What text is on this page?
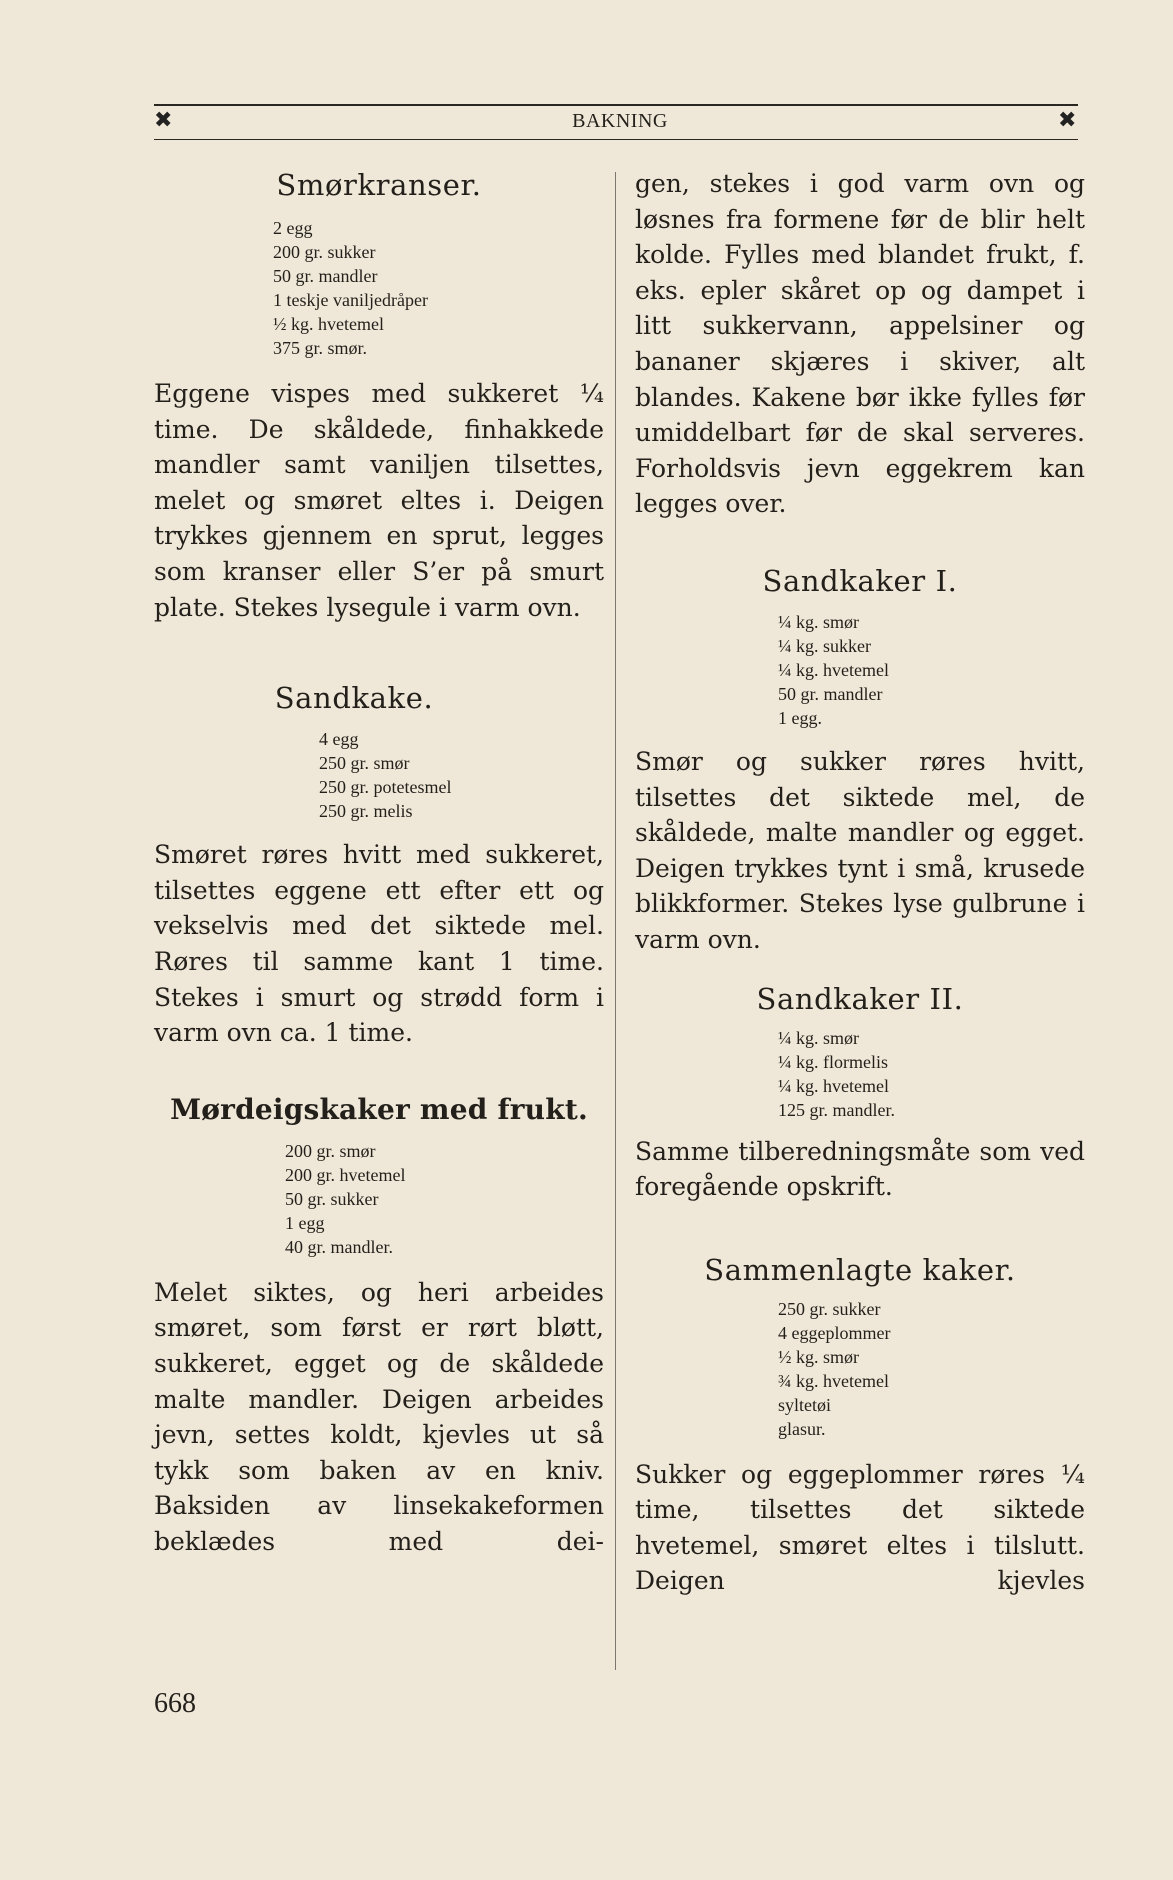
✖	BAKNING	✖
Smørkranser.
2 egg
200 gr. sukker
50 gr. mandler
1 teskje vaniljedråper
½ kg. hvetemel
375 gr. smør.

Eggene vispes med sukkeret ¼ time. De skåldede, finhakkede mandler samt vaniljen tilsettes, melet og smøret eltes i. Deigen trykkes gjennem en sprut, legges som kranser eller S’er på smurt plate. Stekes lysegule i varm ovn.

Sandkake.
4 egg
250 gr. smør
250 gr. potetesmel
250 gr. melis

Smøret røres hvitt med sukkeret, tilsettes eggene ett efter ett og vekselvis med det siktede mel. Røres til samme kant 1 time. Stekes i smurt og strødd form i varm ovn ca. 1 time.

Mørdeigskaker med frukt.
200 gr. smør
200 gr. hvetemel
50 gr. sukker
1 egg
40 gr. mandler.

Melet siktes, og heri arbeides smøret, som først er rørt bløtt, sukkeret, egget og de skåldede malte mandler. Deigen arbeides jevn, settes koldt, kjevles ut så tykk som baken av en kniv. Baksiden av linsekakeformen beklædes med dei-

gen, stekes i god varm ovn og løsnes fra formene før de blir helt kolde. Fylles med blandet frukt, f. eks. epler skåret op og dampet i litt sukkervann, appelsiner og bananer skjæres i skiver, alt blandes. Kakene bør ikke fylles før umiddelbart før de skal serveres. Forholdsvis jevn eggekrem kan legges over.

Sandkaker I.
¼ kg. smør
¼ kg. sukker
¼ kg. hvetemel
50 gr. mandler
1 egg.

Smør og sukker røres hvitt, tilsettes det siktede mel, de skåldede, malte mandler og egget. Deigen trykkes tynt i små, krusede blikkformer. Stekes lyse gulbrune i varm ovn.

Sandkaker II.
¼ kg. smør
¼ kg. flormelis
¼ kg. hvetemel
125 gr. mandler.

Samme tilberedningsmåte som ved foregående opskrift.

Sammenlagte kaker.
250 gr. sukker
4 eggeplommer
½ kg. smør
¾ kg. hvetemel
syltetøi
glasur.

Sukker og eggeplommer røres ¼ time, tilsettes det siktede hvetemel, smøret eltes i tilslutt. Deigen kjevles

668
